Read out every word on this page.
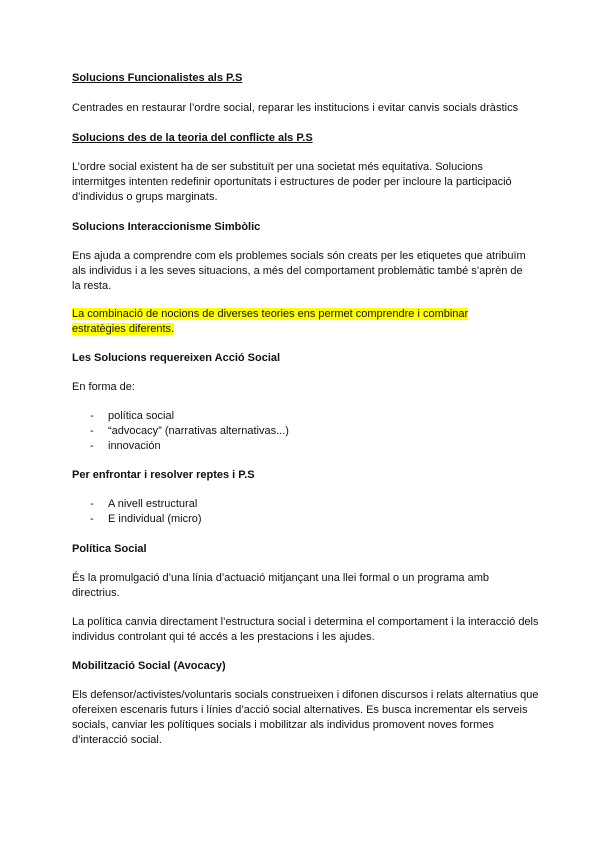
Solucions Funcionalistes als P.S
Centrades en restaurar l’ordre social, reparar les institucions i evitar canvis socials dràstics
Solucions des de la teoria del conflicte als P.S
L’ordre social existent ha de ser substituït per una societat més equitativa. Solucions intermitges intenten redefinir oportunitats i estructures de poder per incloure la participació d’individus o grups marginats.
Solucions Interaccionisme Simbòlic
Ens ajuda a comprendre com els problemes socials són creats per les etiquetes que atribuïm als individus i a les seves situacions, a més del comportament problemàtic també s’aprèn de la resta.
La combinació de nocions de diverses teories ens permet comprendre i combinar estratègies diferents.
Les Solucions requereixen Acció Social
En forma de:
- política social
- “advocacy” (narrativas alternativas...)
- innovación
Per enfrontar i resolver reptes i P.S
- A nivell estructural
- E individual (micro)
Política Social
És la promulgació d’una línia d’actuació mitjançant una llei formal o un programa amb directrius.
La política canvia directament l’estructura social i determina el comportament i la interacció dels individus controlant qui té accés a les prestacions i les ajudes.
Mobilització Social (Avocacy)
Els defensor/activistes/voluntaris socials construeixen i difonen discursos i relats alternatius que ofereixen escenaris futurs i línies d’acció social alternatives. Es busca incrementar els serveis socials, canviar les polítiques socials i mobilitzar als individus promovent noves formes d’interacció social.
